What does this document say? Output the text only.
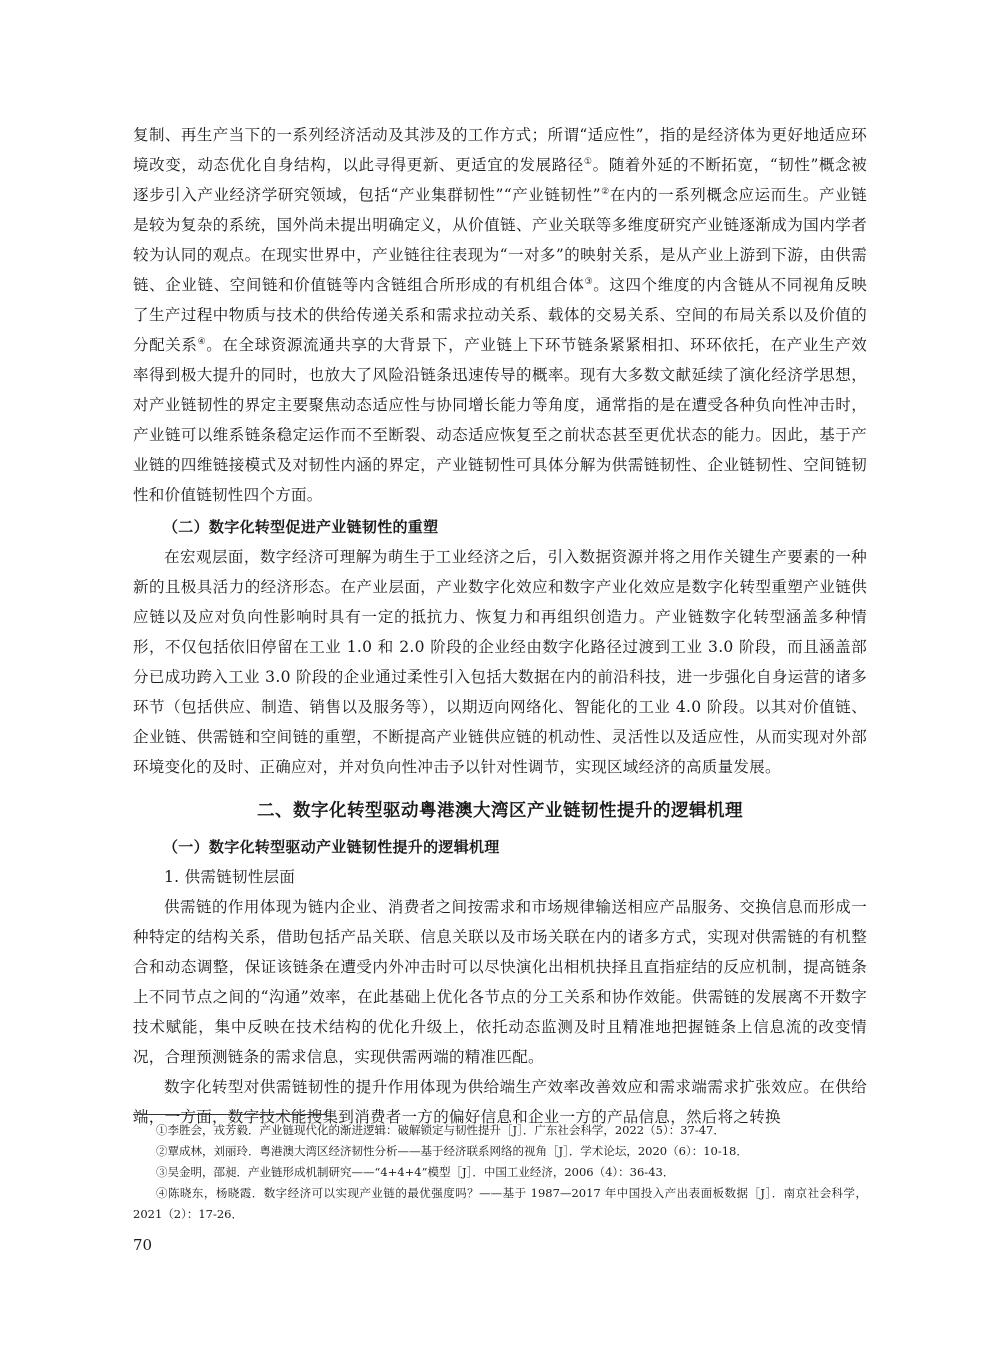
复制、再生产当下的一系列经济活动及其涉及的工作方式；所谓“适应性”，指的是经济体为更好地适应环境改变，动态优化自身结构，以此寻得更新、更适宜的发展路径①。随着外延的不断拓宽，“韧性”概念被逐步引入产业经济学研究领域，包括“产业集群韧性”“产业链韧性”②在内的一系列概念应运而生。产业链是较为复杂的系统，国外尚未提出明确定义，从价值链、产业关联等多维度研究产业链逐渐成为国内学者较为认同的观点。在现实世界中，产业链往往表现为“一对多”的映射关系，是从产业上游到下游，由供需链、企业链、空间链和价值链等内含链组合所形成的有机组合体③。这四个维度的内含链从不同视角反映了生产过程中物质与技术的供给传递关系和需求拉动关系、载体的交易关系、空间的布局关系以及价值的分配关系④。在全球资源流通共享的大背景下，产业链上下环节链条紧紧相扣、环环依托，在产业生产效率得到极大提升的同时，也放大了风险沿链条迅速传导的概率。现有大多数文献延续了演化经济学思想，对产业链韧性的界定主要聚焦动态适应性与协同增长能力等角度，通常指的是在遭受各种负向性冲击时，产业链可以维系链条稳定运作而不至断裂、动态适应恢复至之前状态甚至更优状态的能力。因此，基于产业链的四维链接模式及对韧性内涵的界定，产业链韧性可具体分解为供需链韧性、企业链韧性、空间链韧性和价值链韧性四个方面。

（二）数字化转型促进产业链韧性的重塑

在宏观层面，数字经济可理解为萌生于工业经济之后，引入数据资源并将之用作关键生产要素的一种新的且极具活力的经济形态。在产业层面，产业数字化效应和数字产业化效应是数字化转型重塑产业链供应链以及应对负向性影响时具有一定的抵抗力、恢复力和再组织创造力。产业链数字化转型涵盖多种情形，不仅包括依旧停留在工业 1.0 和 2.0 阶段的企业经由数字化路径过渡到工业 3.0 阶段，而且涵盖部分已成功跨入工业 3.0 阶段的企业通过柔性引入包括大数据在内的前沿科技，进一步强化自身运营的诸多环节（包括供应、制造、销售以及服务等），以期迈向网络化、智能化的工业 4.0 阶段。以其对价值链、企业链、供需链和空间链的重塑，不断提高产业链供应链的机动性、灵活性以及适应性，从而实现对外部环境变化的及时、正确应对，并对负向性冲击予以针对性调节，实现区域经济的高质量发展。

二、数字化转型驱动粤港澳大湾区产业链韧性提升的逻辑机理
（一）数字化转型驱动产业链韧性提升的逻辑机理

1. 供需链韧性层面

供需链的作用体现为链内企业、消费者之间按需求和市场规律输送相应产品服务、交换信息而形成一种特定的结构关系，借助包括产品关联、信息关联以及市场关联在内的诸多方式，实现对供需链的有机整合和动态调整，保证该链条在遭受内外冲击时可以尽快演化出相机抉择且直指症结的反应机制，提高链条上不同节点之间的“沟通”效率，在此基础上优化各节点的分工关系和协作效能。供需链的发展离不开数字技术赋能，集中反映在技术结构的优化升级上，依托动态监测及时且精准地把握链条上信息流的改变情况，合理预测链条的需求信息，实现供需两端的精准匹配。

数字化转型对供需链韧性的提升作用体现为供给端生产效率改善效应和需求端需求扩张效应。在供给端，一方面，数字技术能搜集到消费者一方的偏好信息和企业一方的产品信息，然后将之转换

①李胜会，戎芳毅．产业链现代化的渐进逻辑：破解锁定与韧性提升［J］．广东社会科学，2022（5）：37-47．

②覃成林，刘丽玲．粤港澳大湾区经济韧性分析——基于经济联系网络的视角［J］．学术论坛，2020（6）：10-18．

③吴金明，邵昶．产业链形成机制研究——“4+4+4”模型［J］．中国工业经济，2006（4）：36-43．

④陈晓东，杨晓霞．数字经济可以实现产业链的最优强度吗？——基于 1987—2017 年中国投入产出表面板数据［J］．南京社会科学，2021（2）：17-26．

70
